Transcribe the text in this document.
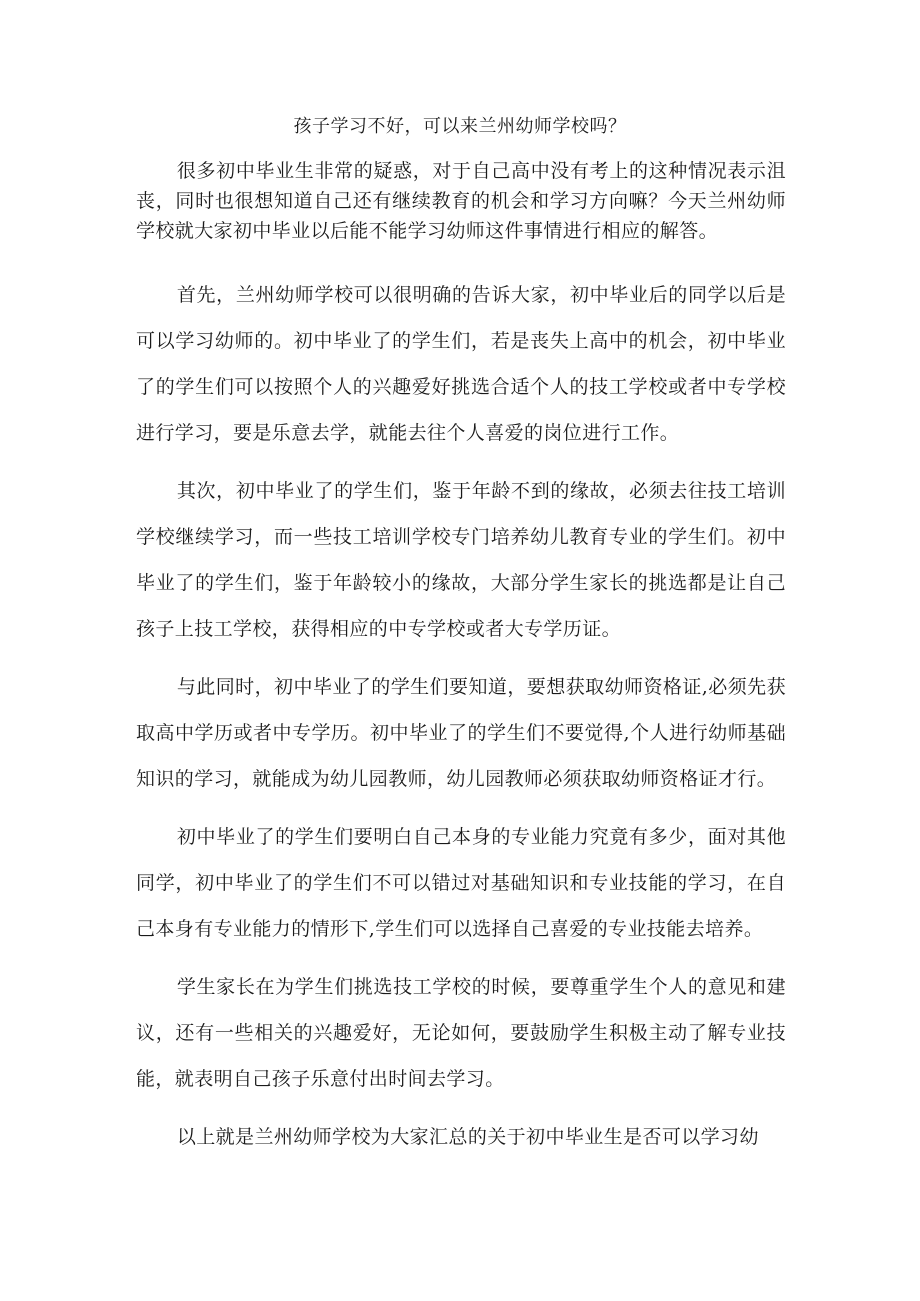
孩子学习不好，可以来兰州幼师学校吗？

很多初中毕业生非常的疑惑，对于自己高中没有考上的这种情况表示沮丧，同时也很想知道自己还有继续教育的机会和学习方向嘛？今天兰州幼师学校就大家初中毕业以后能不能学习幼师这件事情进行相应的解答。

首先，兰州幼师学校可以很明确的告诉大家，初中毕业后的同学以后是可以学习幼师的。初中毕业了的学生们，若是丧失上高中的机会，初中毕业了的学生们可以按照个人的兴趣爱好挑选合适个人的技工学校或者中专学校进行学习，要是乐意去学，就能去往个人喜爱的岗位进行工作。

其次，初中毕业了的学生们，鉴于年龄不到的缘故，必须去往技工培训学校继续学习，而一些技工培训学校专门培养幼儿教育专业的学生们。初中毕业了的学生们，鉴于年龄较小的缘故，大部分学生家长的挑选都是让自己孩子上技工学校，获得相应的中专学校或者大专学历证。

与此同时，初中毕业了的学生们要知道，要想获取幼师资格证,必须先获取高中学历或者中专学历。初中毕业了的学生们不要觉得,个人进行幼师基础知识的学习，就能成为幼儿园教师，幼儿园教师必须获取幼师资格证才行。

初中毕业了的学生们要明白自己本身的专业能力究竟有多少，面对其他同学，初中毕业了的学生们不可以错过对基础知识和专业技能的学习，在自己本身有专业能力的情形下,学生们可以选择自己喜爱的专业技能去培养。

学生家长在为学生们挑选技工学校的时候，要尊重学生个人的意见和建议，还有一些相关的兴趣爱好，无论如何，要鼓励学生积极主动了解专业技能，就表明自己孩子乐意付出时间去学习。

以上就是兰州幼师学校为大家汇总的关于初中毕业生是否可以学习幼
